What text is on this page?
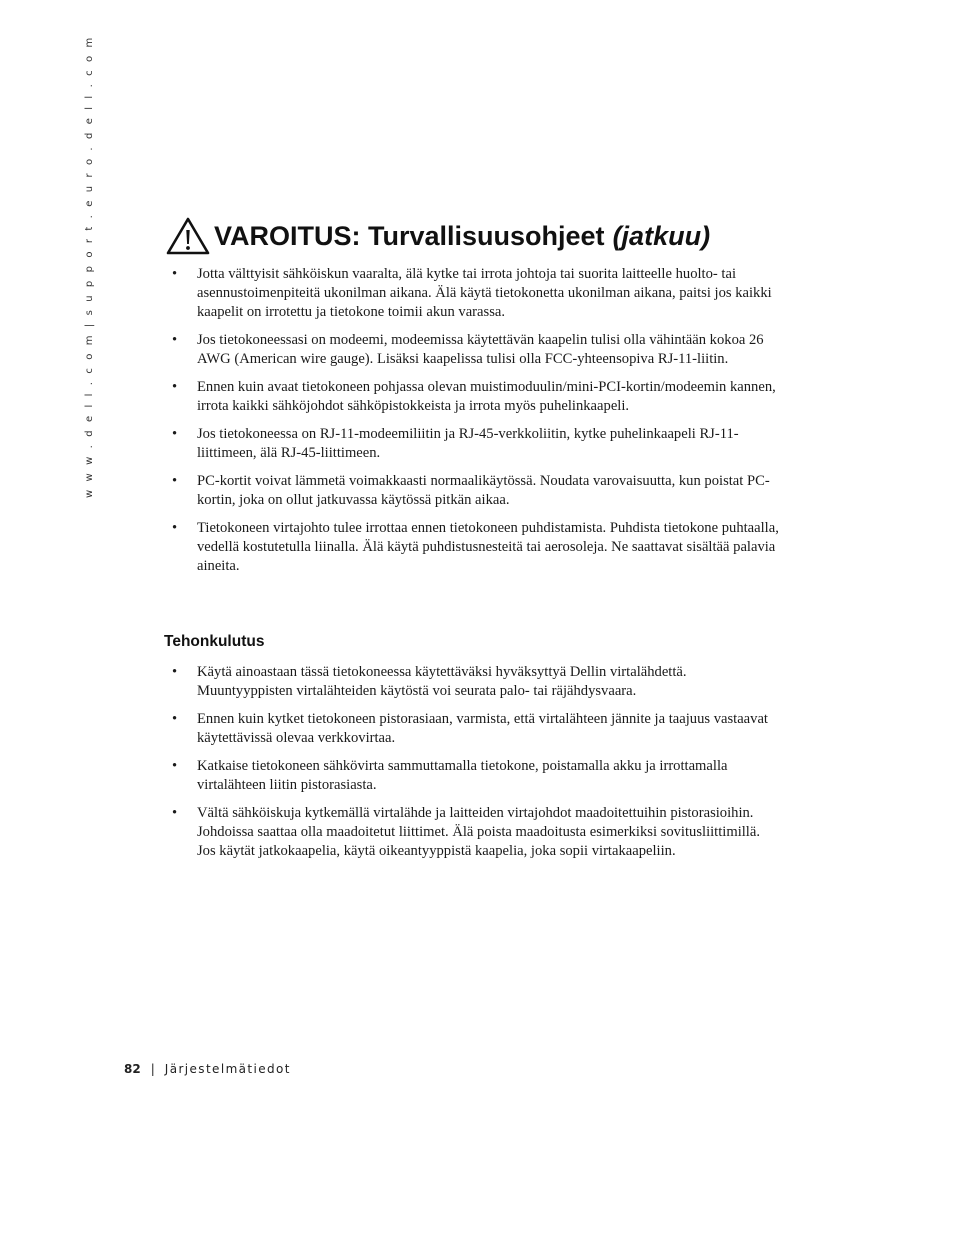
w w w . d e l l . c o m | s u p p o r t . e u r o . d e l l . c o m	VAROITUS: Turvallisuusohjeet (jatkuu)
• Jotta välttyisit sähköiskun vaaralta, älä kytke tai irrota johtoja tai suorita laitteelle huolto- tai asennustoimenpiteitä ukonilman aikana. Älä käytä tietokonetta ukonilman aikana, paitsi jos kaikki kaapelit on irrotettu ja tietokone toimii akun varassa.
• Jos tietokoneessasi on modeemi, modeemissa käytettävän kaapelin tulisi olla vähintään kokoa 26 AWG (American wire gauge). Lisäksi kaapelissa tulisi olla FCC-yhteensopiva RJ-11-liitin.
• Ennen kuin avaat tietokoneen pohjassa olevan muistimoduulin/mini-PCI-kortin/modeemin kannen, irrota kaikki sähköjohdot sähköpistokkeista ja irrota myös puhelinkaapeli.
• Jos tietokoneessa on RJ-11-modeemiliitin ja RJ-45-verkkoliitin, kytke puhelinkaapeli RJ-11-liittimeen, älä RJ-45-liittimeen.
• PC-kortit voivat lämmetä voimakkaasti normaalikäytössä. Noudata varovaisuutta, kun poistat PC-kortin, joka on ollut jatkuvassa käytössä pitkän aikaa.
• Tietokoneen virtajohto tulee irrottaa ennen tietokoneen puhdistamista. Puhdista tietokone puhtaalla, vedellä kostutetulla liinalla. Älä käytä puhdistusnesteitä tai aerosoleja. Ne saattavat sisältää palavia aineita.
Tehonkulutus
• Käytä ainoastaan tässä tietokoneessa käytettäväksi hyväksyttyä Dellin virtalähdettä. Muuntyyppisten virtalähteiden käytöstä voi seurata palo- tai räjähdysvaara.
• Ennen kuin kytket tietokoneen pistorasiaan, varmista, että virtalähteen jännite ja taajuus vastaavat käytettävissä olevaa verkkovirtaa.
• Katkaise tietokoneen sähkövirta sammuttamalla tietokone, poistamalla akku ja irrottamalla virtalähteen liitin pistorasiasta.
• Vältä sähköiskuja kytkemällä virtalähde ja laitteiden virtajohdot maadoitettuihin pistorasioihin. Johdoissa saattaa olla maadoitetut liittimet. Älä poista maadoitusta esimerkiksi sovitusliittimillä. Jos käytät jatkokaapelia, käytä oikeantyyppistä kaapelia, joka sopii virtakaapeliin.
82 | Järjestelmätiedot
